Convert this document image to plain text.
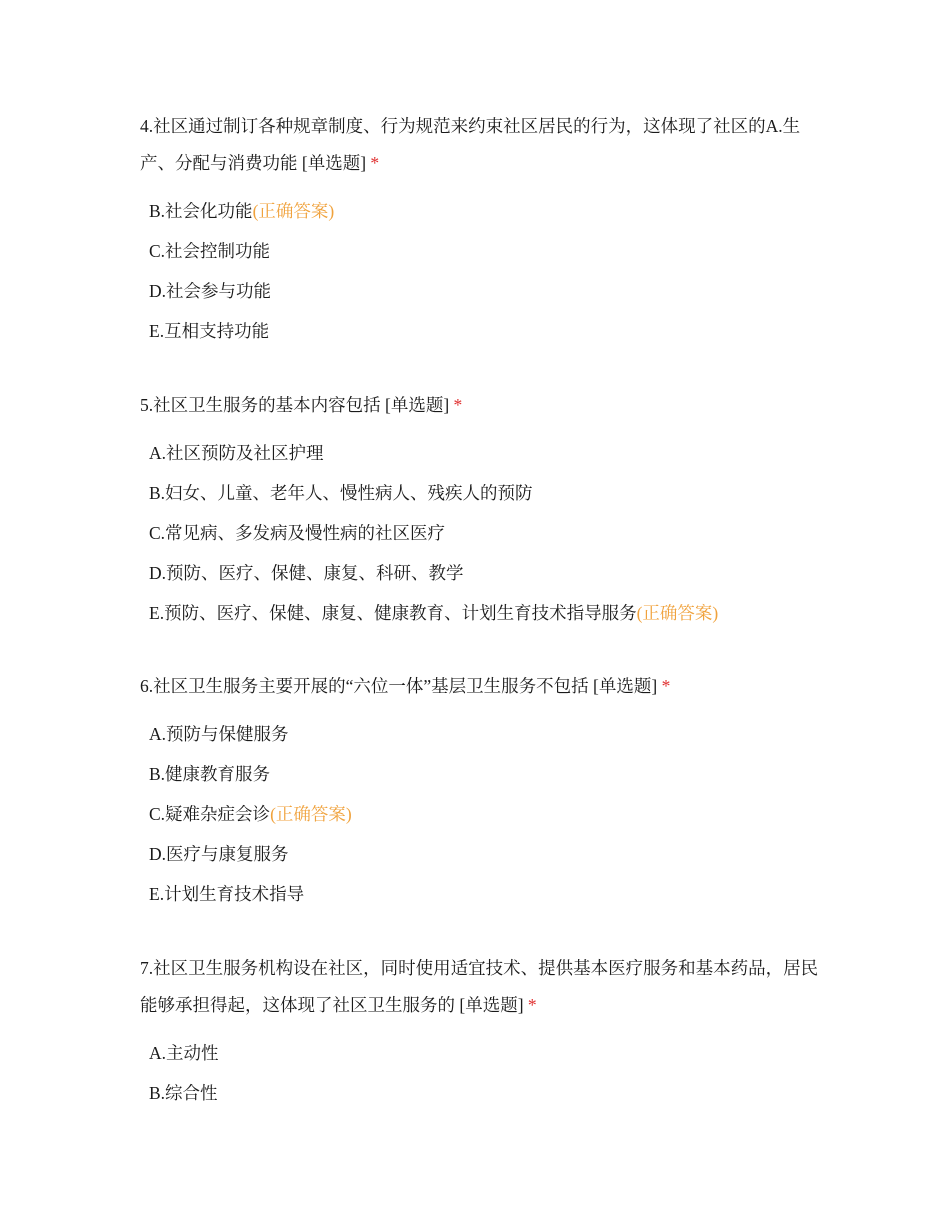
4.社区通过制订各种规章制度、行为规范来约束社区居民的行为，这体现了社区的A.生产、分配与消费功能 [单选题] *

B.社会化功能(正确答案)
C.社会控制功能
D.社会参与功能
E.互相支持功能

5.社区卫生服务的基本内容包括 [单选题] *

A.社区预防及社区护理
B.妇女、儿童、老年人、慢性病人、残疾人的预防
C.常见病、多发病及慢性病的社区医疗
D.预防、医疗、保健、康复、科研、教学
E.预防、医疗、保健、康复、健康教育、计划生育技术指导服务(正确答案)

6.社区卫生服务主要开展的“六位一体”基层卫生服务不包括 [单选题] *

A.预防与保健服务
B.健康教育服务
C.疑难杂症会诊(正确答案)
D.医疗与康复服务
E.计划生育技术指导

7.社区卫生服务机构设在社区，同时使用适宜技术、提供基本医疗服务和基本药品，居民能够承担得起，这体现了社区卫生服务的 [单选题] *

A.主动性
B.综合性
